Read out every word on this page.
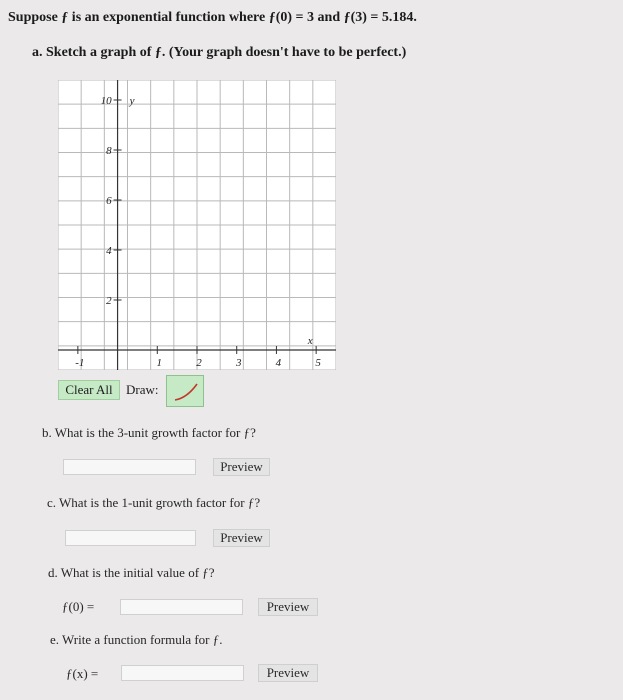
Suppose ƒ is an exponential function where ƒ(0) = 3 and ƒ(3) = 5.184.
a. Sketch a graph of ƒ. (Your graph doesn't have to be perfect.)
10
8
6
4
2
-1	1	2	3	4	5
y
x
Clear All	Draw:
b. What is the 3-unit growth factor for ƒ?
Preview
c. What is the 1-unit growth factor for ƒ?
Preview
d. What is the initial value of ƒ?
ƒ(0) =	Preview
e. Write a function formula for ƒ.
ƒ(x) =	Preview
